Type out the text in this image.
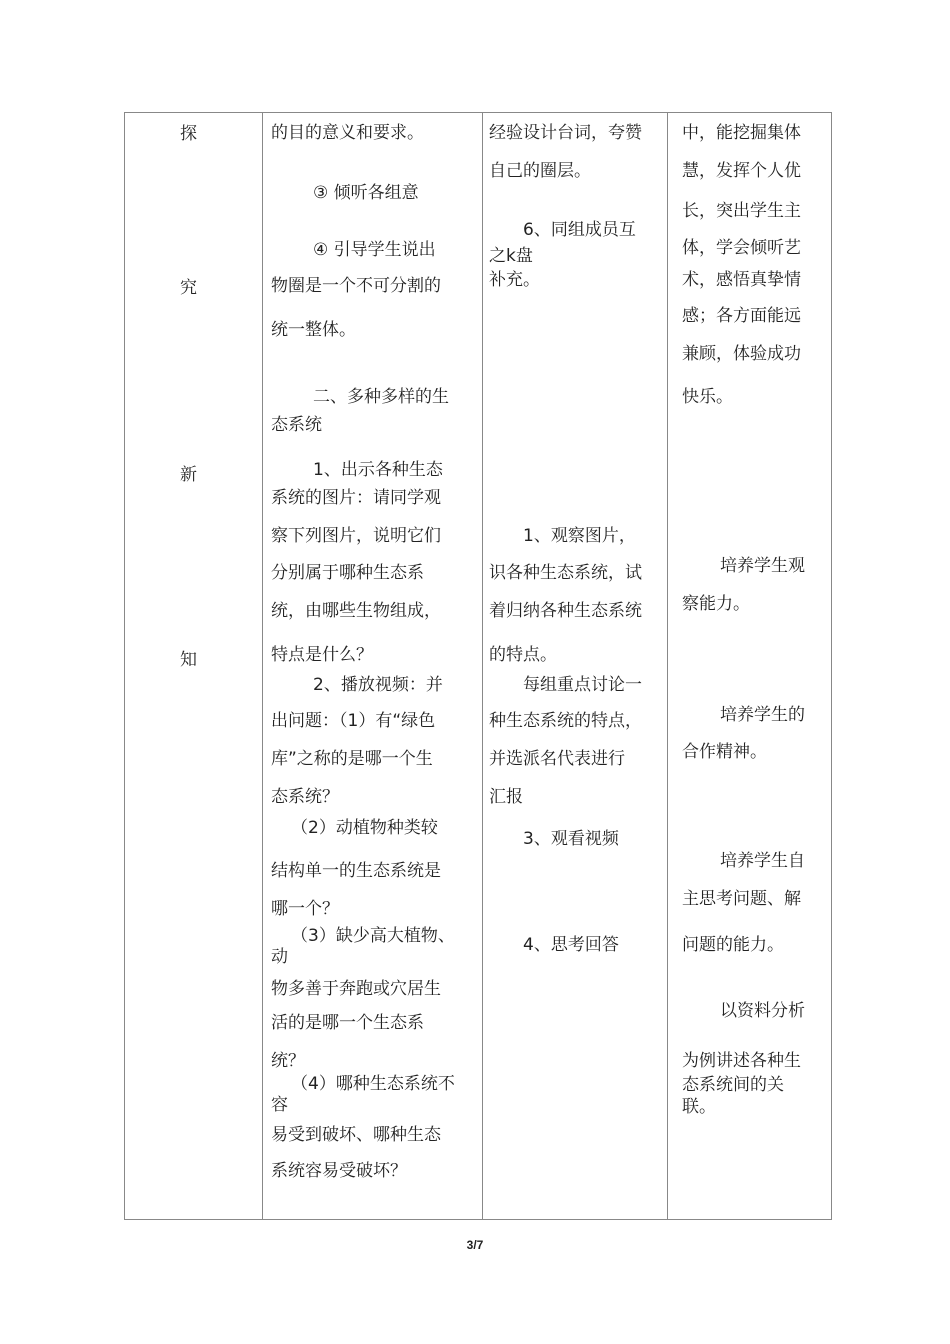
探
究
新
知
的目的意义和要求。
③ 倾听各组意
④ 引导学生说出
物圈是一个不可分割的
统一整体。
二、多种多样的生
态系统
1、出示各种生态
系统的图片：请同学观
察下列图片，说明它们
分别属于哪种生态系
统，由哪些生物组成，
特点是什么？
2、播放视频：并
出问题：（1）有“绿色
库”之称的是哪一个生
态系统？
（2）动植物种类较
结构单一的生态系统是
哪一个？
（3）缺少高大植物、
动
物多善于奔跑或穴居生
活的是哪一个生态系
统？
（4）哪种生态系统不
容
易受到破坏、哪种生态
系统容易受破坏？
经验设计台词，夸赞
自己的圈层。
6、同组成员互
之k盘
补充。
1、观察图片，
识各种生态系统，试
着归纳各种生态系统
的特点。
每组重点讨论一
种生态系统的特点，
并选派名代表进行
汇报
3、观看视频
4、思考回答
中，能挖掘集体
慧，发挥个人优
长，突出学生主
体，学会倾听艺
术，感悟真挚情
感；各方面能远
兼顾，体验成功
快乐。
培养学生观
察能力。
培养学生的
合作精神。
培养学生自
主思考问题、解
问题的能力。
以资料分析
为例讲述各种生
态系统间的关
联。
3/7
